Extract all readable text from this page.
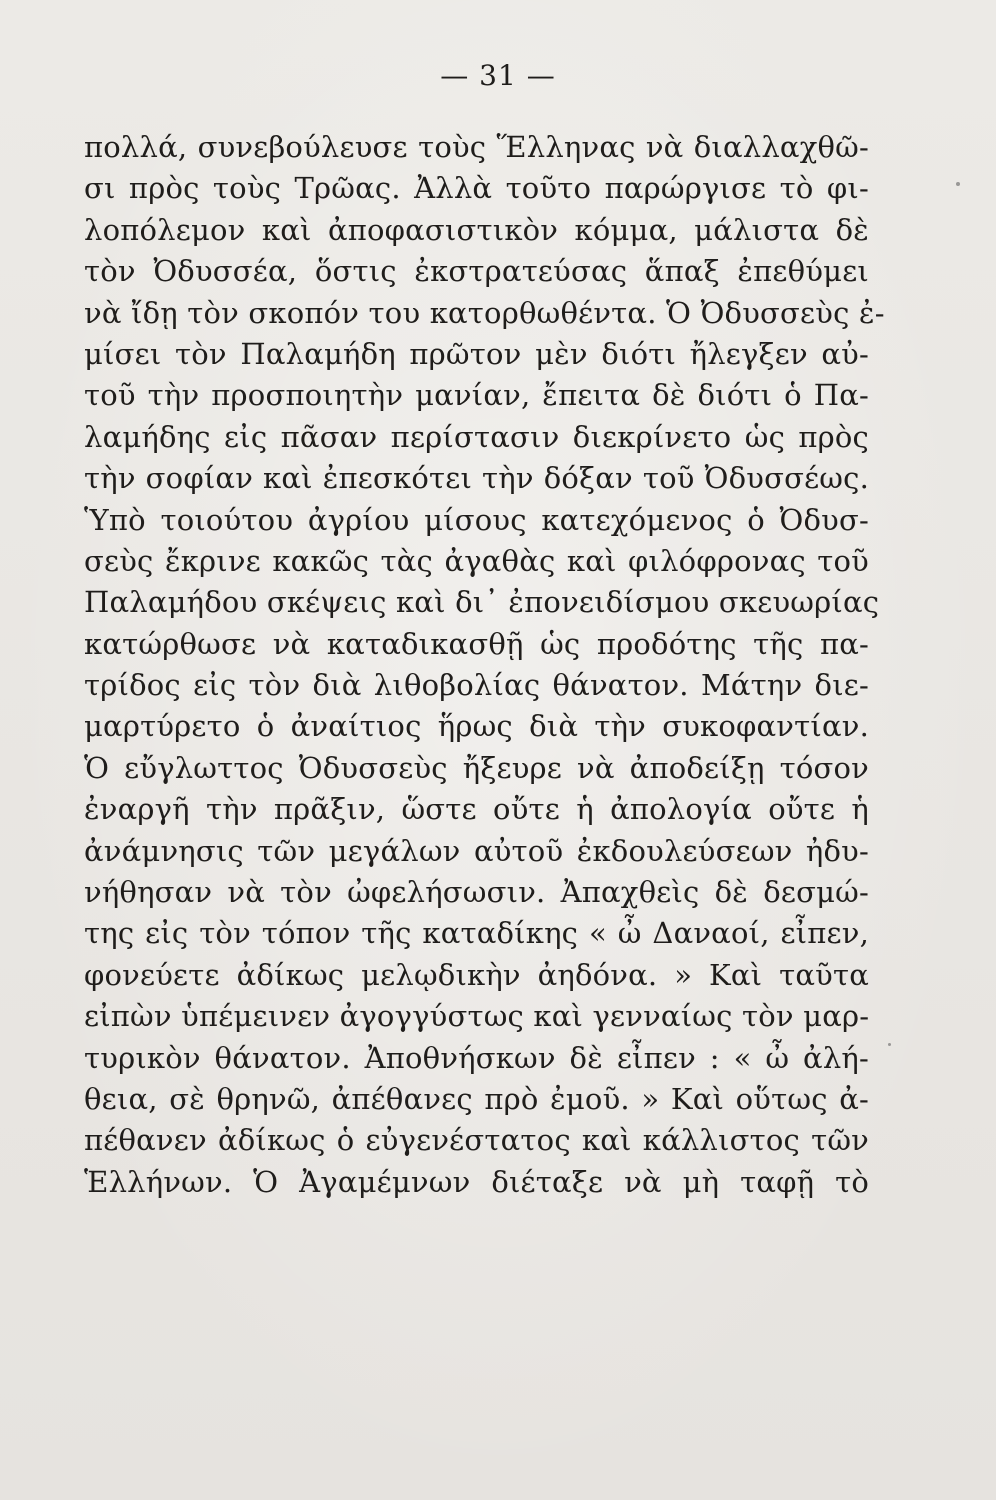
— 31 —
πολλά, συνεβούλευσε τοὺς Ἕλληνας νὰ διαλλαχθῶ-
σι πρὸς τοὺς Τρῶας. Ἀλλὰ τοῦτο παρώργισε τὸ φι-
λοπόλεμον καὶ ἀποφασιστικὸν κόμμα, μάλιστα δὲ
τὸν Ὀδυσσέα, ὅστις ἐκστρατεύσας ἅπαξ ἐπεθύμει
νὰ ἴδῃ τὸν σκοπόν του κατορθωθέντα. Ὁ Ὀδυσσεὺς ἐ-
μίσει τὸν Παλαμήδη πρῶτον μὲν διότι ἤλεγξεν αὐ-
τοῦ τὴν προσποιητὴν μανίαν, ἔπειτα δὲ διότι ὁ Πα-
λαμήδης εἰς πᾶσαν περίστασιν διεκρίνετο ὡς πρὸς
τὴν σοφίαν καὶ ἐπεσκότει τὴν δόξαν τοῦ Ὀδυσσέως.
Ὑπὸ τοιούτου ἀγρίου μίσους κατεχόμενος ὁ Ὀδυσ-
σεὺς ἔκρινε κακῶς τὰς ἀγαθὰς καὶ φιλόφρονας τοῦ
Παλαμήδου σκέψεις καὶ δι᾽ ἐπονειδίσμου σκευωρίας
κατώρθωσε νὰ καταδικασθῇ ὡς προδότης τῆς πα-
τρίδος εἰς τὸν διὰ λιθοβολίας θάνατον. Μάτην διε-
μαρτύρετο ὁ ἀναίτιος ἥρως διὰ τὴν συκοφαντίαν.
Ὁ εὔγλωττος Ὀδυσσεὺς ἤξευρε νὰ ἀποδείξῃ τόσον
ἐναργῆ τὴν πρᾶξιν, ὥστε οὔτε ἡ ἀπολογία οὔτε ἡ
ἀνάμνησις τῶν μεγάλων αὐτοῦ ἐκδουλεύσεων ἠδυ-
νήθησαν νὰ τὸν ὠφελήσωσιν. Ἀπαχθεὶς δὲ δεσμώ-
της εἰς τὸν τόπον τῆς καταδίκης « ὦ Δαναοί, εἶπεν,
φονεύετε ἀδίκως μελῳδικὴν ἀηδόνα. » Καὶ ταῦτα
εἰπὼν ὑπέμεινεν ἀγογγύστως καὶ γενναίως τὸν μαρ-
τυρικὸν θάνατον. Ἀποθνήσκων δὲ εἶπεν : « ὦ ἀλή-
θεια, σὲ θρηνῶ, ἀπέθανες πρὸ ἐμοῦ. » Καὶ οὕτως ἀ-
πέθανεν ἀδίκως ὁ εὐγενέστατος καὶ κάλλιστος τῶν
Ἑλλήνων. Ὁ Ἀγαμέμνων διέταξε νὰ μὴ ταφῇ τὸ
